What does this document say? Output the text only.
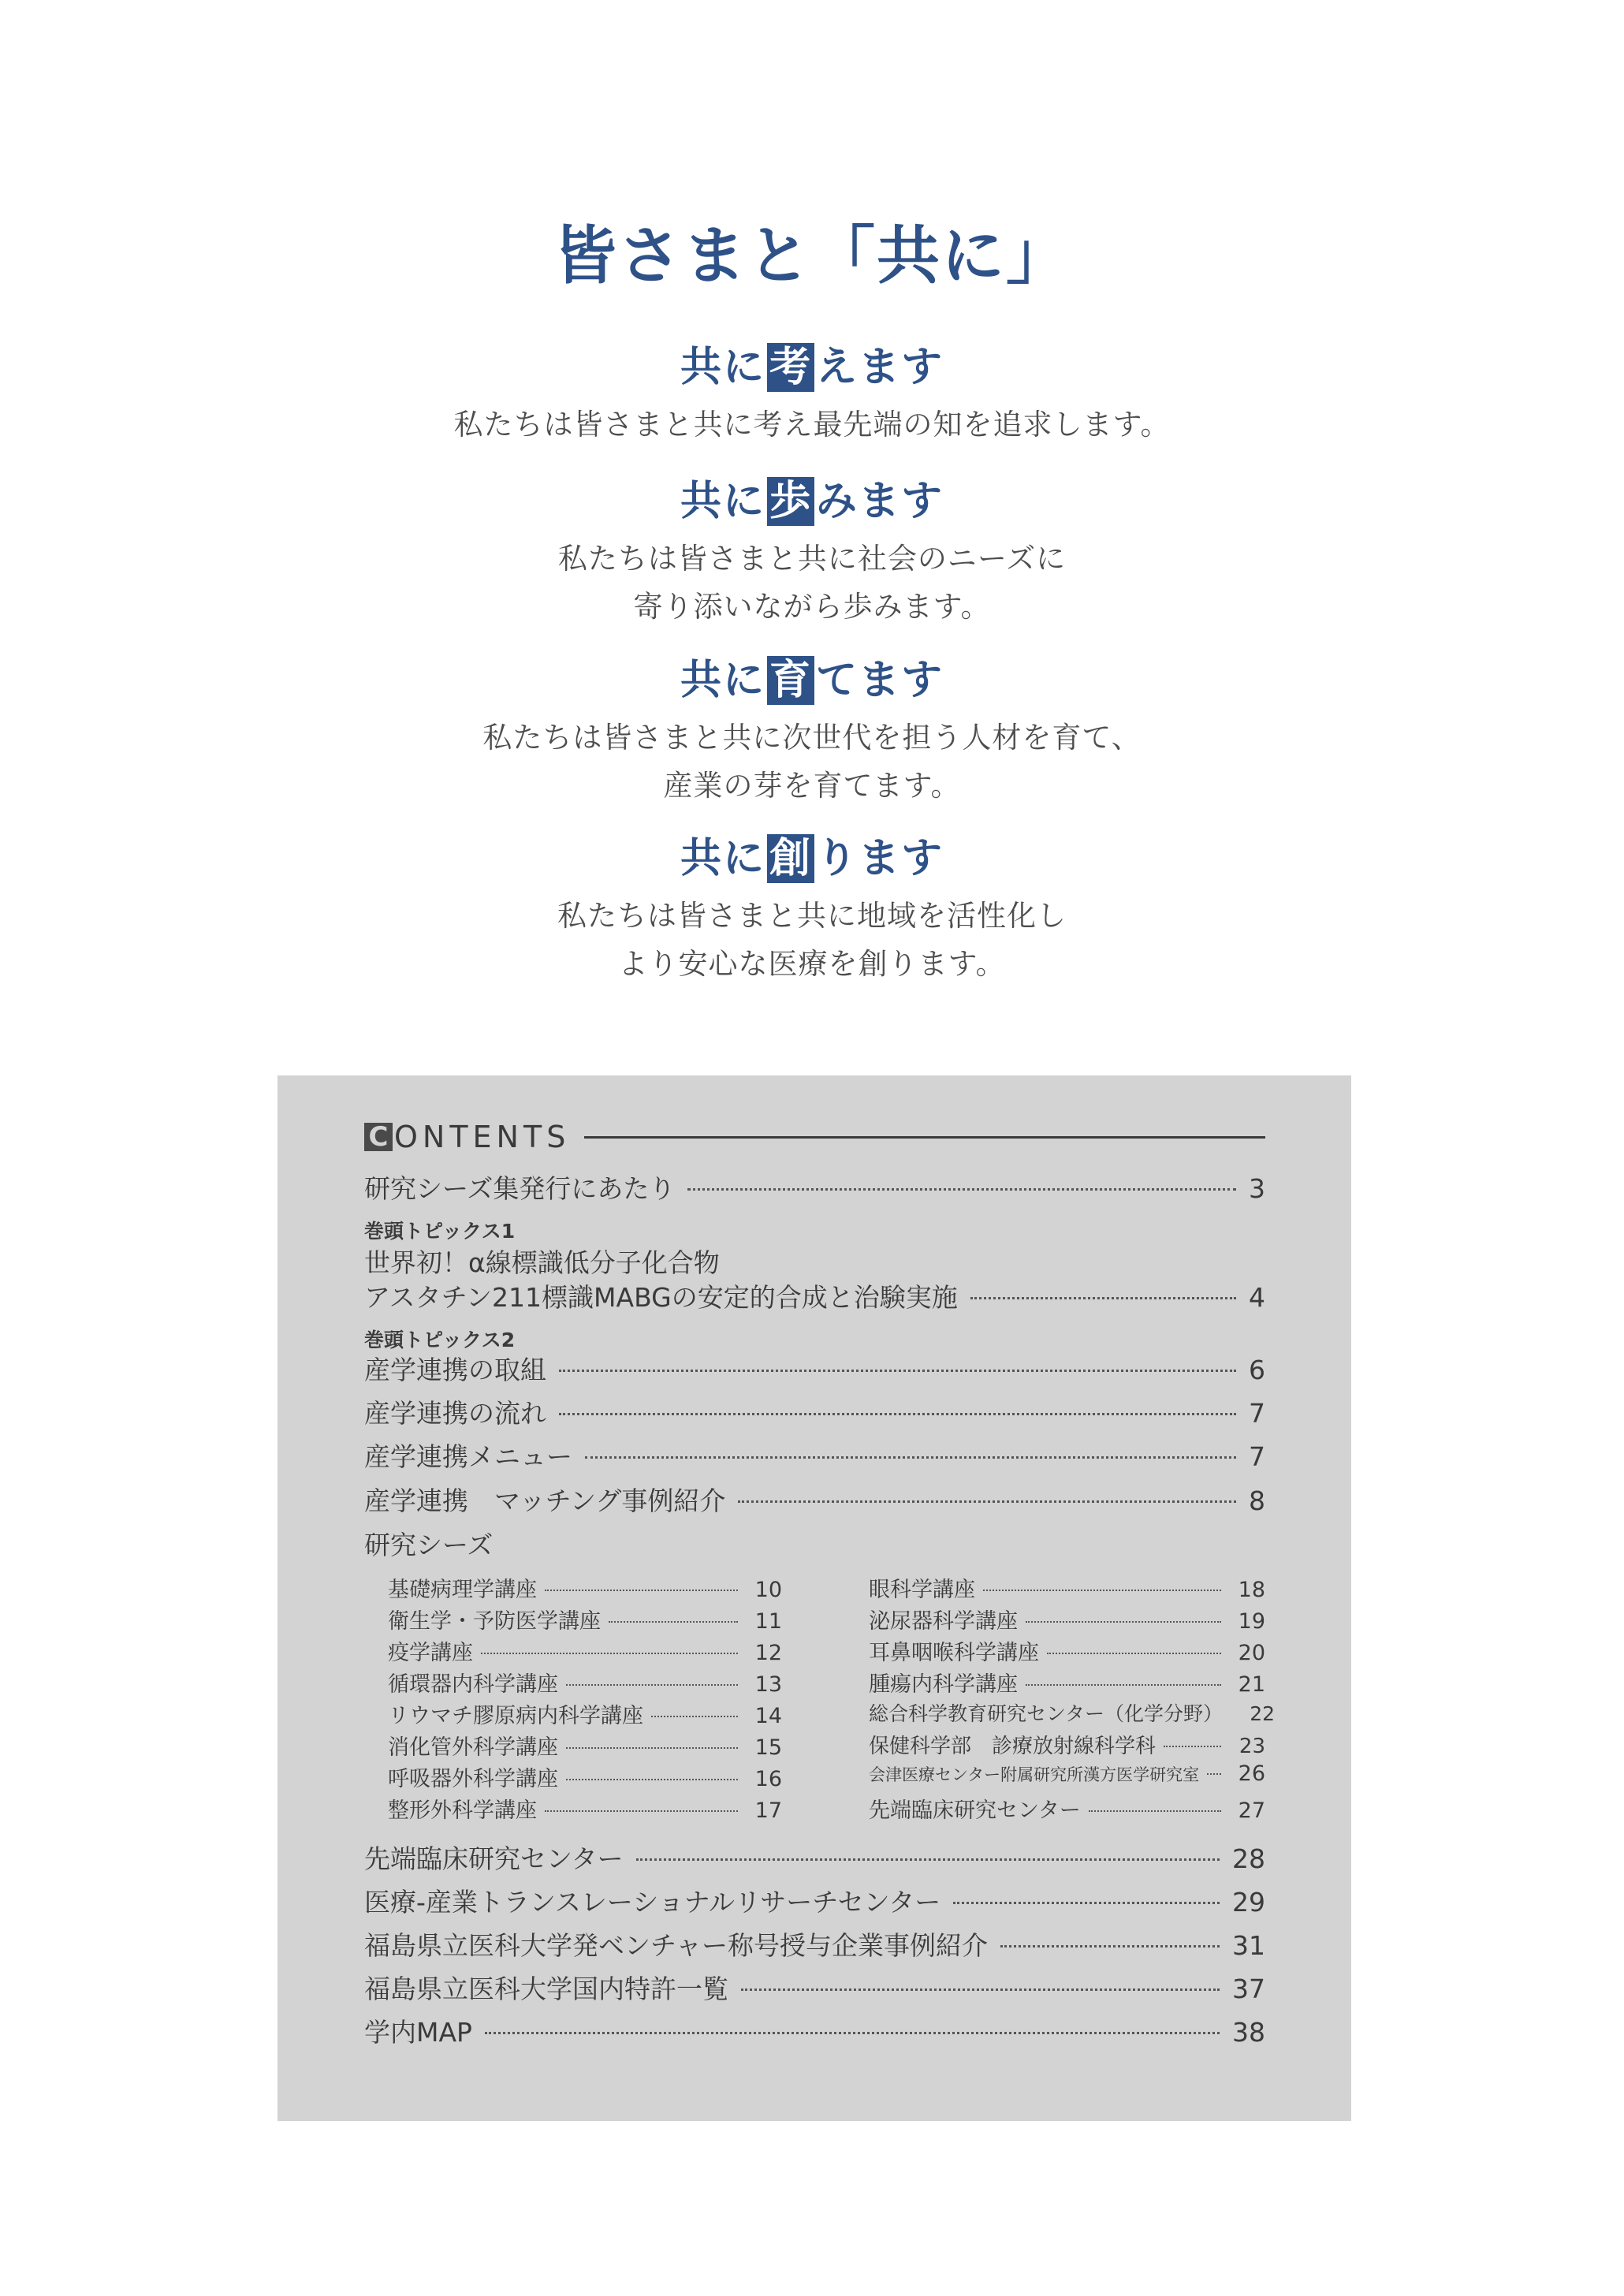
皆さまと「共に」
共に考えます

私たちは皆さまと共に考え最先端の知を追求します。

共に歩みます

私たちは皆さまと共に社会のニーズに
寄り添いながら歩みます。

共に育てます

私たちは皆さまと共に次世代を担う人材を育て、
産業の芽を育てます。

共に創ります

私たちは皆さまと共に地域を活性化し
より安心な医療を創ります。

C ONTENTS
研究シーズ集発行にあたり	3
巻頭トピックス1
世界初！α線標識低分子化合物
アスタチン211標識MABGの安定的合成と治験実施	4
巻頭トピックス2
産学連携の取組	6
産学連携の流れ	7
産学連携メニュー	7
産学連携　マッチング事例紹介	8
研究シーズ
基礎病理学講座	10
衛生学・予防医学講座	11
疫学講座	12
循環器内科学講座	13
リウマチ膠原病内科学講座	14
消化管外科学講座	15
呼吸器外科学講座	16
整形外科学講座	17
眼科学講座	18
泌尿器科学講座	19
耳鼻咽喉科学講座	20
腫瘍内科学講座	21
総合科学教育研究センター（化学分野）	22
保健科学部　診療放射線科学科	23
会津医療センター附属研究所漢方医学研究室	26
先端臨床研究センター	27
先端臨床研究センター	28
医療-産業トランスレーショナルリサーチセンター	29
福島県立医科大学発ベンチャー称号授与企業事例紹介	31
福島県立医科大学国内特許一覧	37
学内MAP	38
